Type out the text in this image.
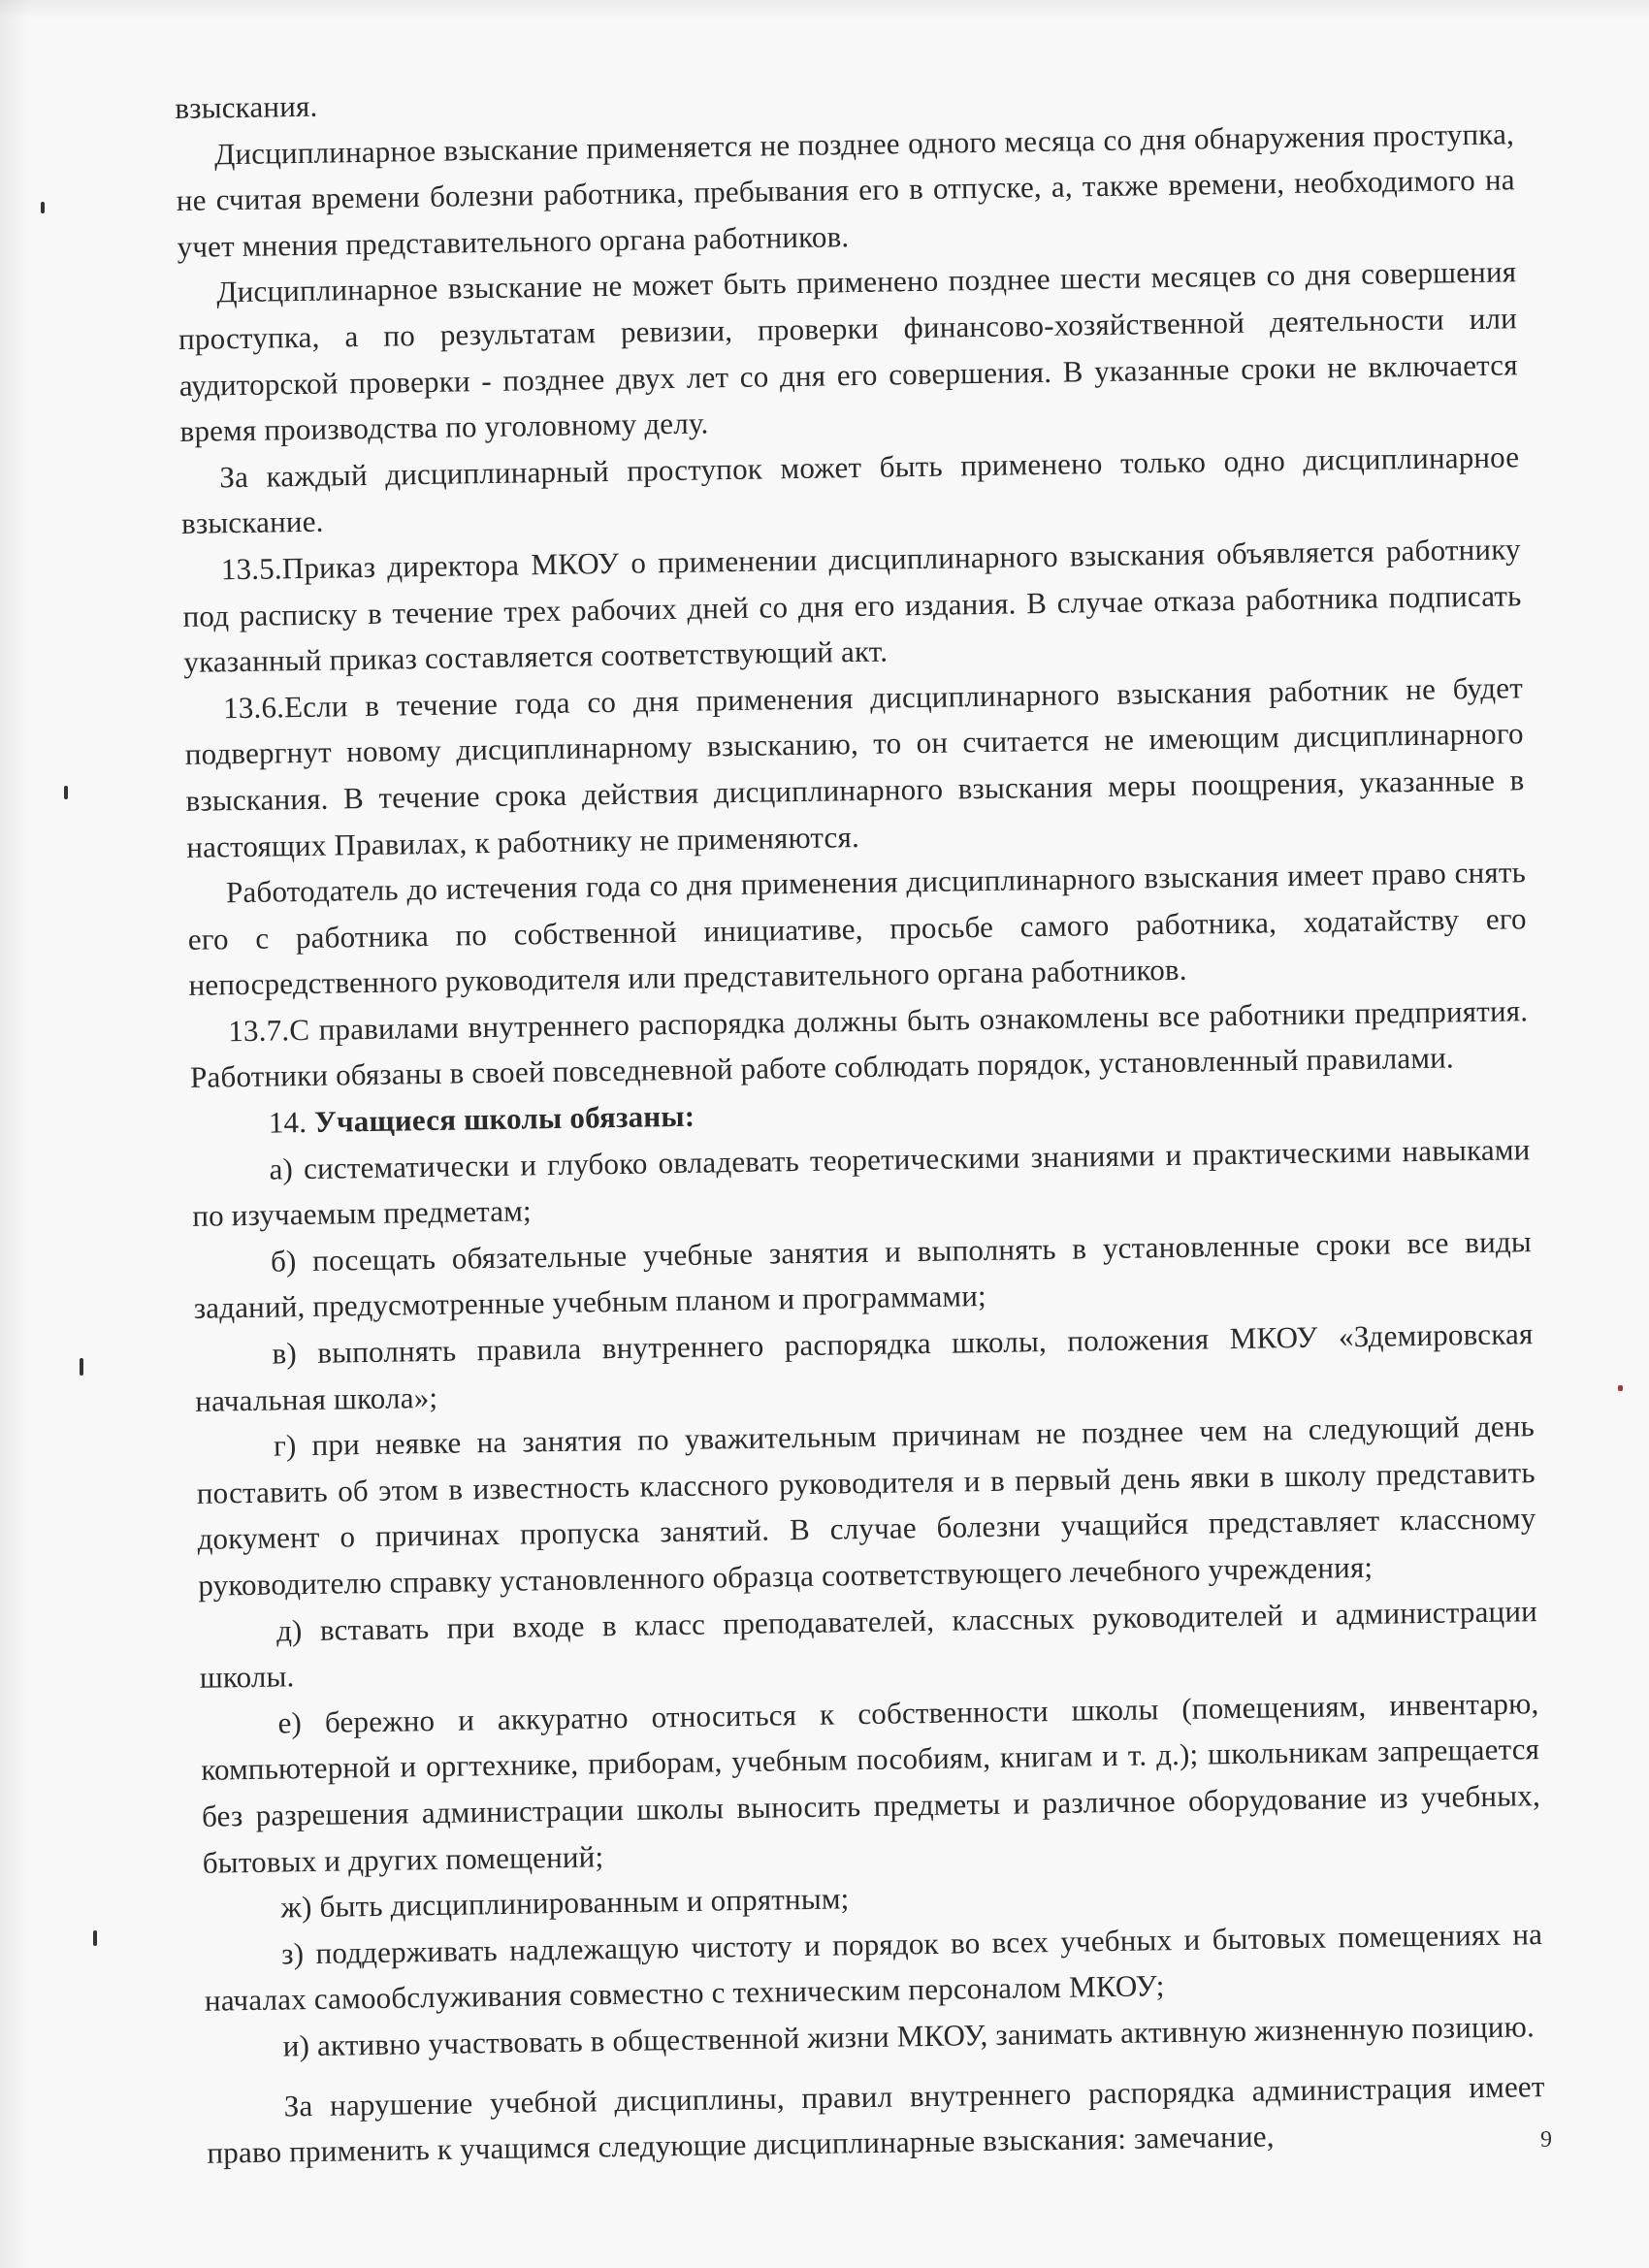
взыскания.

Дисциплинарное взыскание применяется не позднее одного месяца со дня обнаружения проступка, не считая времени болезни работника, пребывания его в отпуске, а, также времени, необходимого на учет мнения представительного органа работников.

Дисциплинарное взыскание не может быть применено позднее шести месяцев со дня совершения проступка, а по результатам ревизии, проверки финансово-хозяйственной деятельности или аудиторской проверки - позднее двух лет со дня его совершения. В указанные сроки не включается время производства по уголовному делу.

За каждый дисциплинарный проступок может быть применено только одно дисциплинарное взыскание.

13.5.Приказ директора МКОУ о применении дисциплинарного взыскания объявляется работнику под расписку в течение трех рабочих дней со дня его издания. В случае отказа работника подписать указанный приказ составляется соответствующий акт.

13.6.Если в течение года со дня применения дисциплинарного взыскания работник не будет подвергнут новому дисциплинарному взысканию, то он считается не имеющим дисциплинарного взыскания. В течение срока действия дисциплинарного взыскания меры поощрения, указанные в настоящих Правилах, к работнику не применяются.

Работодатель до истечения года со дня применения дисциплинарного взыскания имеет право снять его с работника по собственной инициативе, просьбе самого работника, ходатайству его непосредственного руководителя или представительного органа работников.

13.7.С правилами внутреннего распорядка должны быть ознакомлены все работники предприятия. Работники обязаны в своей повседневной работе соблюдать порядок, установленный правилами.

14. Учащиеся школы обязаны:

а) систематически и глубоко овладевать теоретическими знаниями и практическими навыками по изучаемым предметам;

б) посещать обязательные учебные занятия и выполнять в установленные сроки все виды заданий, предусмотренные учебным планом и программами;

в) выполнять правила внутреннего распорядка школы, положения МКОУ «Здемировская начальная школа»;

г) при неявке на занятия по уважительным причинам не позднее чем на следующий день поставить об этом в известность классного руководителя и в первый день явки в школу представить документ о причинах пропуска занятий. В случае болезни учащийся представляет классному руководителю справку установленного образца соответствующего лечебного учреждения;

д) вставать при входе в класс преподавателей, классных руководителей и администрации школы.

е) бережно и аккуратно относиться к собственности школы (помещениям, инвентарю, компьютерной и оргтехнике, приборам, учебным пособиям, книгам и т. д.); школьникам запрещается без разрешения администрации школы выносить предметы и различное оборудование из учебных, бытовых и других помещений;

ж) быть дисциплинированным и опрятным;

з) поддерживать надлежащую чистоту и порядок во всех учебных и бытовых помещениях на началах самообслуживания совместно с техническим персоналом МКОУ;

и) активно участвовать в общественной жизни МКОУ, занимать активную жизненную позицию.

За нарушение учебной дисциплины, правил внутреннего распорядка администрация имеет право применить к учащимся следующие дисциплинарные взыскания: замечание,	9
